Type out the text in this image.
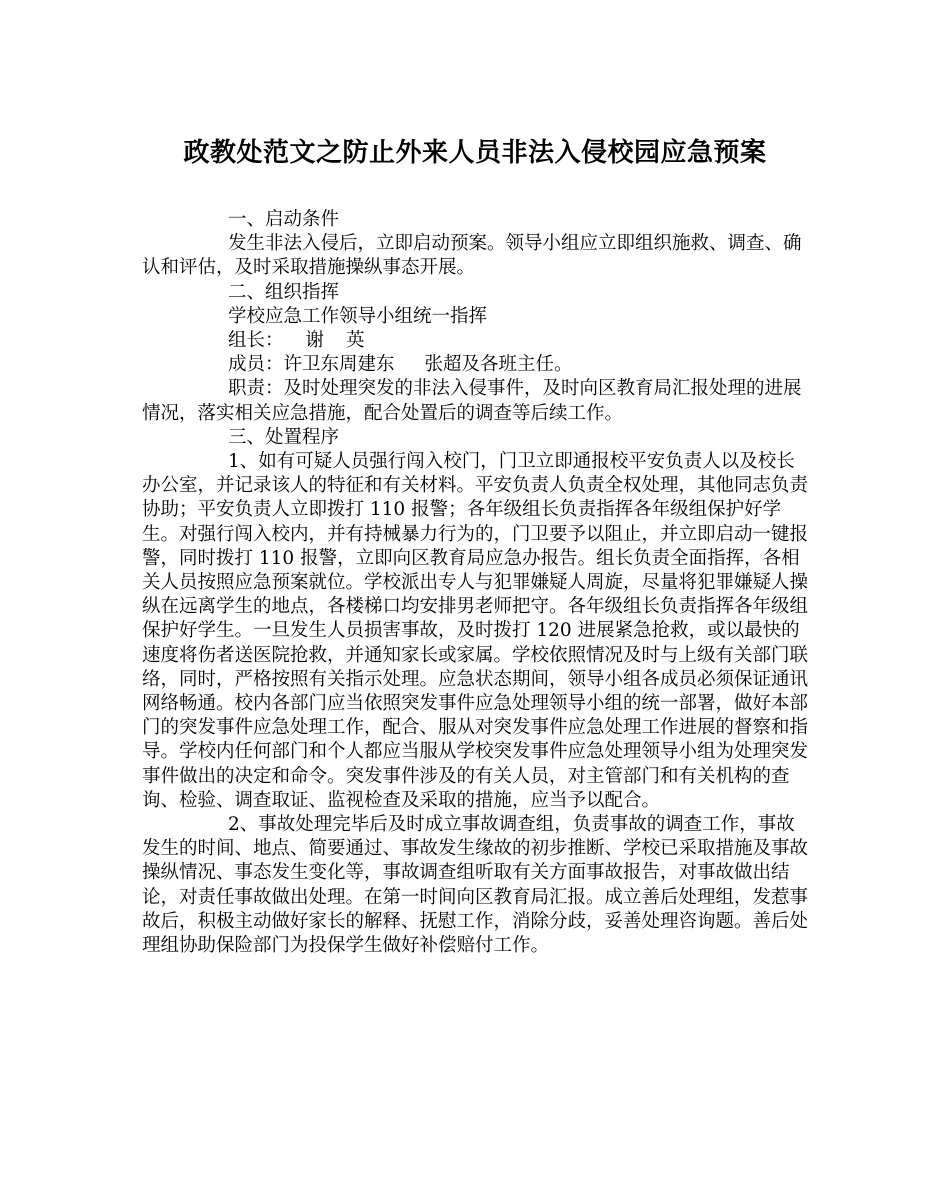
政教处范文之防止外来人员非法入侵校园应急预案

一、启动条件

发生非法入侵后，立即启动预案。领导小组应立即组织施救、调查、确认和评估，及时采取措施操纵事态开展。

二、组织指挥

学校应急工作领导小组统一指挥

组长： 谢 英

成员：许卫东周建东 张超及各班主任。

职责：及时处理突发的非法入侵事件，及时向区教育局汇报处理的进展情况，落实相关应急措施，配合处置后的调查等后续工作。

三、处置程序

1、如有可疑人员强行闯入校门，门卫立即通报校平安负责人以及校长办公室，并记录该人的特征和有关材料。平安负责人负责全权处理，其他同志负责协助；平安负责人立即拨打 110 报警；各年级组长负责指挥各年级组保护好学生。对强行闯入校内，并有持械暴力行为的，门卫要予以阻止，并立即启动一键报警，同时拨打 110 报警，立即向区教育局应急办报告。组长负责全面指挥，各相关人员按照应急预案就位。学校派出专人与犯罪嫌疑人周旋，尽量将犯罪嫌疑人操纵在远离学生的地点，各楼梯口均安排男老师把守。各年级组长负责指挥各年级组保护好学生。一旦发生人员损害事故，及时拨打 120 进展紧急抢救，或以最快的速度将伤者送医院抢救，并通知家长或家属。学校依照情况及时与上级有关部门联络，同时，严格按照有关指示处理。应急状态期间，领导小组各成员必须保证通讯网络畅通。校内各部门应当依照突发事件应急处理领导小组的统一部署，做好本部门的突发事件应急处理工作，配合、服从对突发事件应急处理工作进展的督察和指导。学校内任何部门和个人都应当服从学校突发事件应急处理领导小组为处理突发事件做出的决定和命令。突发事件涉及的有关人员，对主管部门和有关机构的查询、检验、调查取证、监视检查及采取的措施，应当予以配合。

2、事故处理完毕后及时成立事故调查组，负责事故的调查工作，事故发生的时间、地点、简要通过、事故发生缘故的初步推断、学校已采取措施及事故操纵情况、事态发生变化等，事故调查组听取有关方面事故报告，对事故做出结论，对责任事故做出处理。在第一时间向区教育局汇报。成立善后处理组，发惹事故后，积极主动做好家长的解释、抚慰工作，消除分歧，妥善处理咨询题。善后处理组协助保险部门为投保学生做好补偿赔付工作。
